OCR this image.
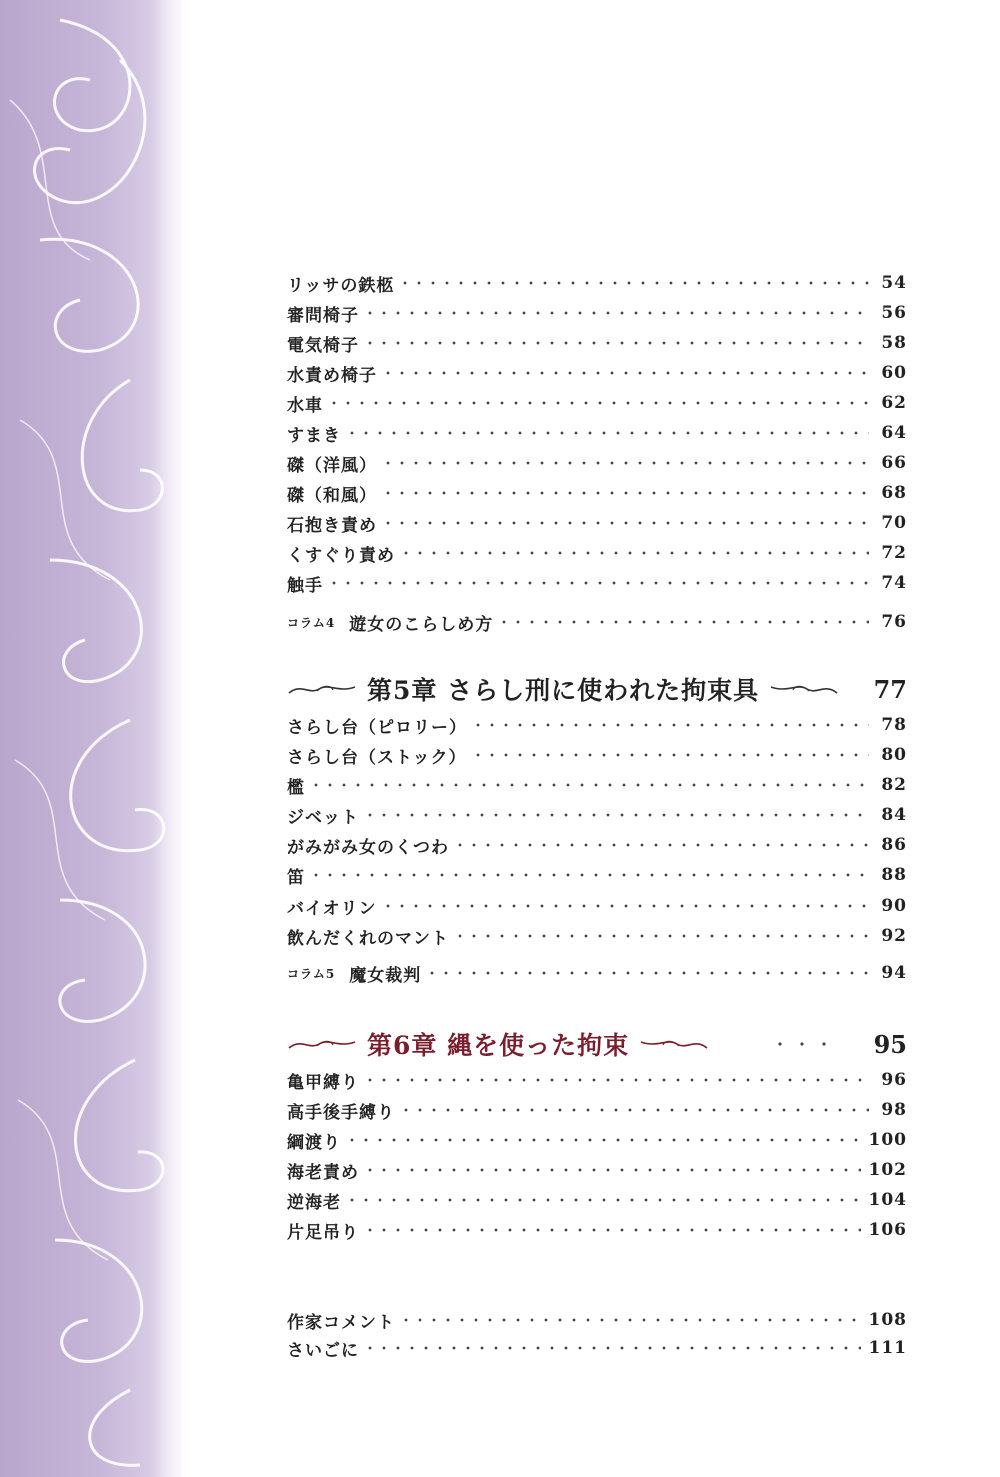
リッサの鉄柩	54
審問椅子	56
電気椅子	58
水責め椅子	60
水車	62
すまき	64
磔（洋風）	66
磔（和風）	68
石抱き責め	70
くすぐり責め	72
触手	74
コラム4 遊女のこらしめ方	76
第5章 さらし刑に使われた拘束具	77
さらし台（ピロリー）	78
さらし台（ストック）	80
檻	82
ジベット	84
がみがみ女のくつわ	86
笛	88
バイオリン	90
飲んだくれのマント	92
コラム5 魔女裁判	94
第6章 縄を使った拘束	95
亀甲縛り	96
高手後手縛り	98
綱渡り	100
海老責め	102
逆海老	104
片足吊り	106
作家コメント	108
さいごに	111
